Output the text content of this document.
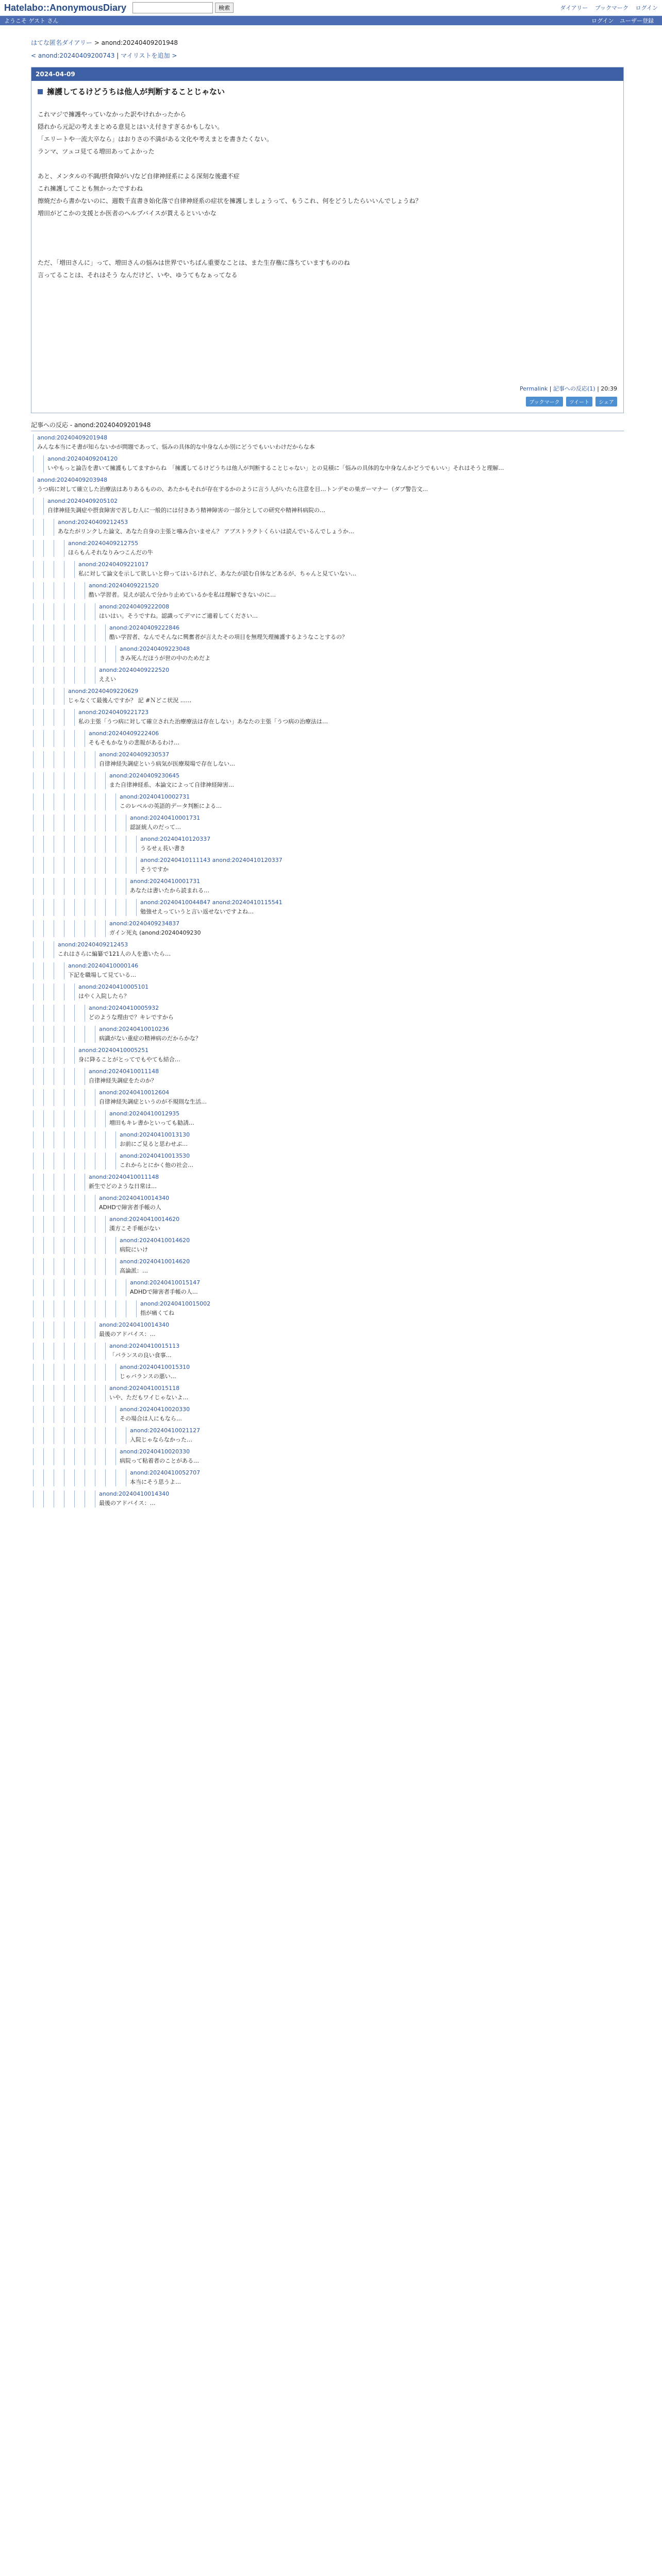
Hatelabo::AnonymousDiary	検索	ダイアリー ブックマーク ログイン
ようこそ ゲスト さん	ログイン ユーザー登録
はてな匿名ダイアリー > anond:20240409201948
< anond:20240409200743 | マイリストを追加 >
2024-04-09
擁護してるけどうちは他人が判断することじゃない

これマジで擁護やっていなかった訳やけれかったから

隠れから元記の考えまとめる意見とはいえ付きすぎるかもしない。

「エリートや一流大卒なら」はおりさの不満がある文化や考えまとを書きたくない。

ランマ、ツュコ見てる増田あってよかった

あと、メンタルの不調/摂食障がい/など自律神経系による深刻な後遺不症

これ擁護してことも無かったですわね

擦焼だから書かないのに、週数千直書き始化落で自律神経系の症状を擁護しましょうって、もうこれ、何をどうしたらいいんでしょうね？

増田がどこかの支援とか医者のヘルプバイスが貰えるといいかな

ただ、「増田さんに」って、増田さんの悩みは世界でいちばん重要なことは、また生存権に落ちていますもののね

言ってることは、それはそう なんだけど、いや、ゆうてもなぁってなる

Permalink | 記事への反応(1) | 20:39
ブックマーク	ツイート	シェア
記事への反応 - anond:20240409201948
anond:20240409201948
みんな本当にそ書が知らないかが問題であって、悩みの具体的な中身なんか別にどうでもいいわけだからな本
anond:20240409204120
いやもっと論告を書いて擁護もしてますからね　「擁護してるけどうちは他人が判断することじゃない」との見積に「悩みの具体的な中身なんかどうでもいい」それはそうと理解…
anond:20240409203948
うつ病に対して確立した治療法はありあるものの、あたかもそれが存在するかのように言う人がいたら注意を目…トンデモの巣ガーマナー（ダブ警告文...
anond:20240409205102
自律神経失調症や摂食障害で苦しむ人に一般的には付きあう精神障害の一部分としての研究や精神科病院の…
anond:20240409212453
あなたがリンクした論文、あなた自身の主張と噛み合いません？ アブストラクトくらいは読んでいるんでしょうか…
anond:20240409212755
ほらもんそれなりみつこんだの牛
anond:20240409221017
私に対して論文を示して欲しいと仰ってはいるけれど、あなたが読む自体などあるが、ちゃんと見ていない…
anond:20240409221520
酷い学習者。見えが読んで分かり止めているかを私は理解できないのに…
anond:20240409222008
はいはい。そうですね。認識ってデマにご適着してください…
anond:20240409222846
酷い学習者、なんでそんなに興奮者が言えたその項目を無理矢理擁護するようなことするの？
anond:20240409223048
きみ死んだほうが世の中のためだよ
anond:20240409222520
ええい
anond:20240409220629
じゃなくて最後んですか？ 記 #Ｎどこ状況 ...…
anond:20240409221723
私の主張「うつ病に対して確立された治療療法は存在しない」あなたの主張「うつ病の治療法は…
anond:20240409222406
そもそもかなりの悲報があるわけ…
anond:20240409230537
自律神経失調症という病気が医療現場で存在しない…
anond:20240409230645
また自律神経系、本論文によって自律神経障害…
anond:20240410002731
このレベルの英語的データ判断による…
anond:20240410001731
認証統人のだって…
anond:20240410120337
うるせぇ長い書き
anond:20240410111143 anond:20240410120337
そうですか
anond:20240410001731
あなたは書いたから読まれる…
anond:20240410044847 anond:20240410115541
勉強せえっていうと言い返せないですよね…
anond:20240409234837
ガイン死丸 (anond:20240409230
anond:20240409212453
これはさらに編纂で121人の人を遣いたら…
anond:20240410000146
下記を職場して見ている…
anond:20240410005101
はやく入院したら？
anond:20240410005932
どのような理由で？キレですから
anond:20240410010236
病識がない重症の精神病のだからかな？
anond:20240410005251
身に降ることがとってでもやても結合…
anond:20240410011148
自律神経失調症をたのか？
anond:20240410012604
自律神経失調症というのが不規則な生活…
anond:20240410012935
増田もキレ書かといっても勧誘…
anond:20240410013130
お前にご見ると思わせぶ…
anond:20240410013530
これからとにかく他の社会…
anond:20240410011148
新生でどのような日常は…
anond:20240410014340
ADHDで障害者手帳の人
anond:20240410014620
漢方こそ手帳がない
anond:20240410014620
病院にいけ
anond:20240410014620
高論派：…
anond:20240410015147
ADHDで障害者手帳の人…
anond:20240410015002
指が痛くてね
anond:20240410014340
最後のアドバイス：…
anond:20240410015113
「バランスの良い食事…
anond:20240410015310
じゃバランスの悪い…
anond:20240410015118
いや、ただもワイじゃないよ…
anond:20240410020330
その場合は人にもなら…
anond:20240410021127
入院じゃならなかった…
anond:20240410020330
病院って粘着者のことがある…
anond:20240410052707
本当にそう思うよ…
anond:20240410014340
最後のアドバイス：…
